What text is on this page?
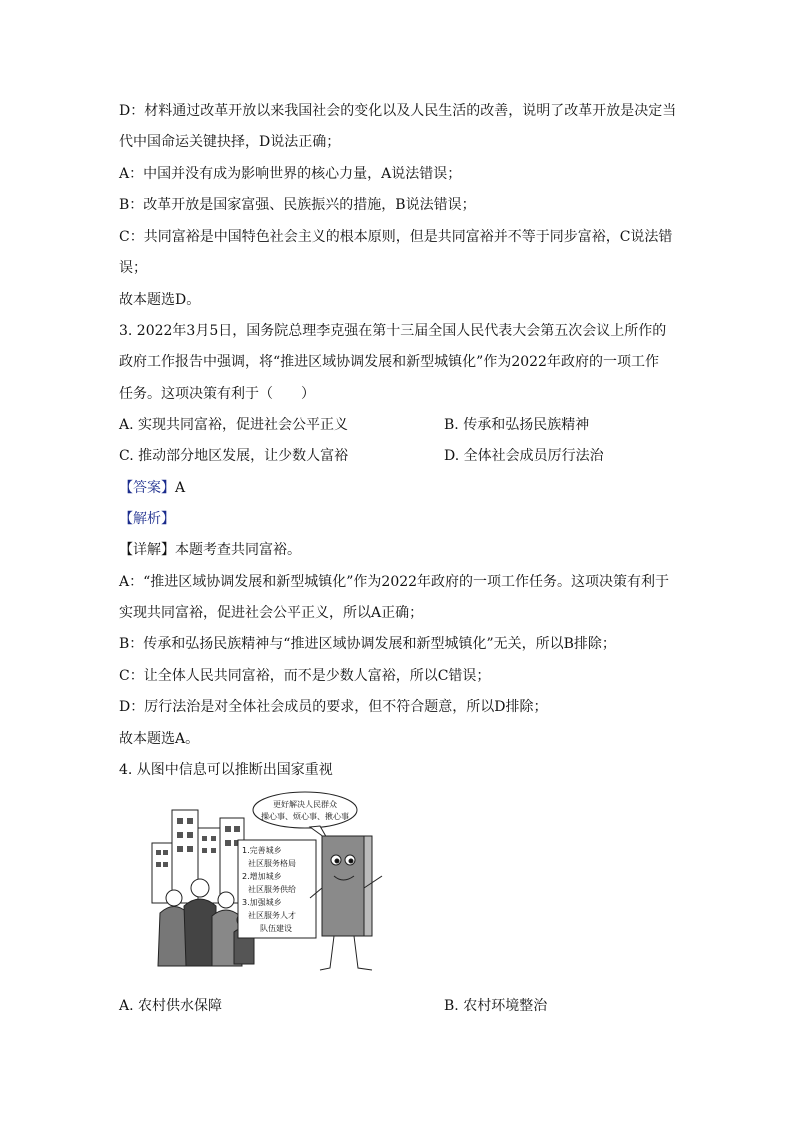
D：材料通过改革开放以来我国社会的变化以及人民生活的改善，说明了改革开放是决定当
代中国命运关键抉择，D说法正确；
A：中国并没有成为影响世界的核心力量，A说法错误；
B：改革开放是国家富强、民族振兴的措施，B说法错误；
C：共同富裕是中国特色社会主义的根本原则，但是共同富裕并不等于同步富裕，C说法错
误；
故本题选D。
3. 2022年3月5日，国务院总理李克强在第十三届全国人民代表大会第五次会议上所作的
政府工作报告中强调，将“推进区域协调发展和新型城镇化”作为2022年政府的一项工作
任务。这项决策有利于（　　）
A. 实现共同富裕，促进社会公平正义	B. 传承和弘扬民族精神
C. 推动部分地区发展，让少数人富裕	D. 全体社会成员厉行法治
【答案】A
【解析】
【详解】本题考查共同富裕。
A：“推进区域协调发展和新型城镇化”作为2022年政府的一项工作任务。这项决策有利于
实现共同富裕，促进社会公平正义，所以A正确；
B：传承和弘扬民族精神与“推进区域协调发展和新型城镇化”无关，所以B排除；
C：让全体人民共同富裕，而不是少数人富裕，所以C错误；
D：厉行法治是对全体社会成员的要求，但不符合题意，所以D排除；
故本题选A。
4. 从图中信息可以推断出国家重视
更好解决人民群众
操心事、烦心事、揪心事
1.完善城乡
社区服务格局
2.增加城乡
社区服务供给
3.加强城乡
社区服务人才
队伍建设
A. 农村供水保障	B. 农村环境整治
